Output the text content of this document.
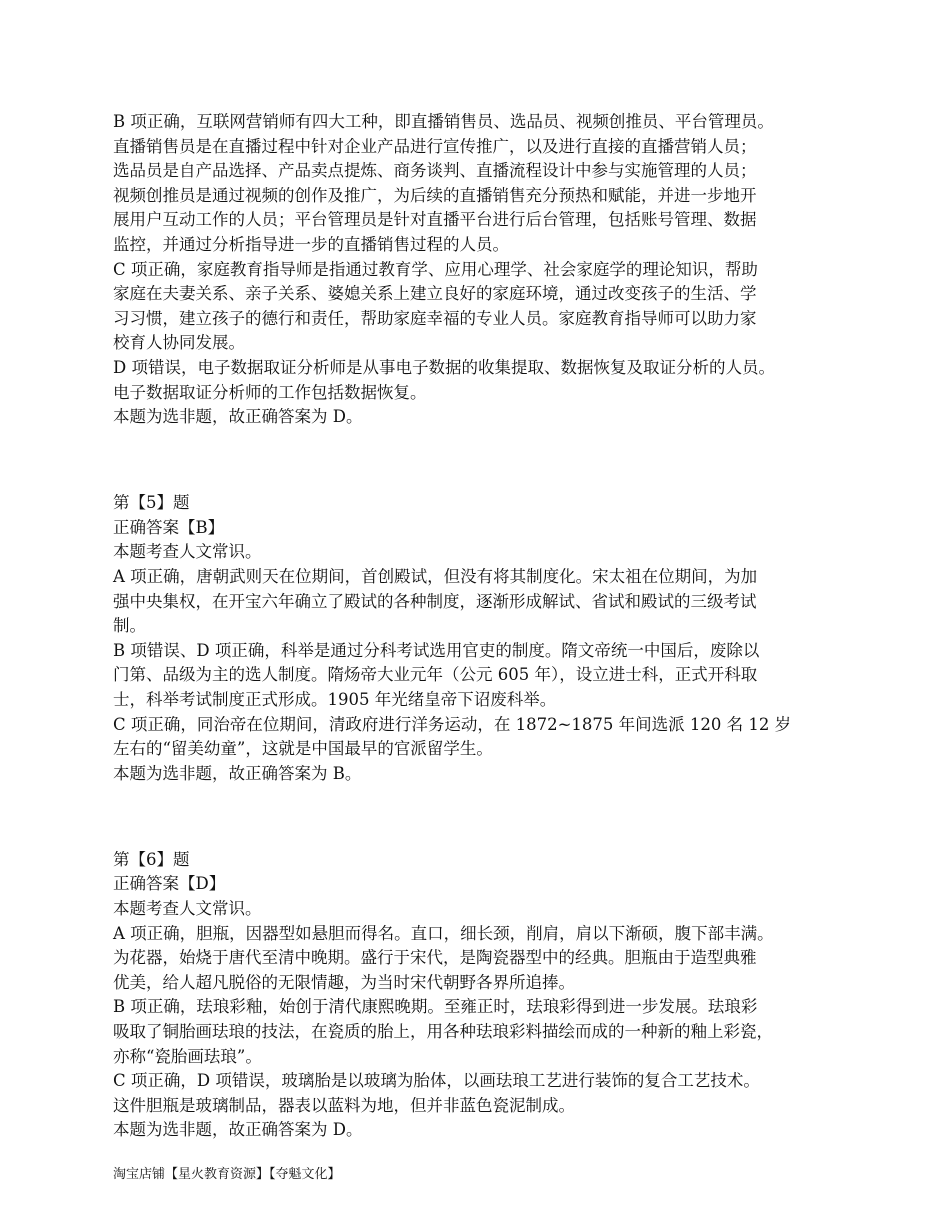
B 项正确，互联网营销师有四大工种，即直播销售员、选品员、视频创推员、平台管理员。
直播销售员是在直播过程中针对企业产品进行宣传推广，以及进行直接的直播营销人员；
选品员是自产品选择、产品卖点提炼、商务谈判、直播流程设计中参与实施管理的人员；
视频创推员是通过视频的创作及推广，为后续的直播销售充分预热和赋能，并进一步地开
展用户互动工作的人员；平台管理员是针对直播平台进行后台管理，包括账号管理、数据
监控，并通过分析指导进一步的直播销售过程的人员。
C 项正确，家庭教育指导师是指通过教育学、应用心理学、社会家庭学的理论知识，帮助
家庭在夫妻关系、亲子关系、婆媳关系上建立良好的家庭环境，通过改变孩子的生活、学
习习惯，建立孩子的德行和责任，帮助家庭幸福的专业人员。家庭教育指导师可以助力家
校育人协同发展。
D 项错误，电子数据取证分析师是从事电子数据的收集提取、数据恢复及取证分析的人员。
电子数据取证分析师的工作包括数据恢复。
本题为选非题，故正确答案为 D。
第【5】题
正确答案【B】
本题考查人文常识。
A 项正确，唐朝武则天在位期间，首创殿试，但没有将其制度化。宋太祖在位期间，为加
强中央集权，在开宝六年确立了殿试的各种制度，逐渐形成解试、省试和殿试的三级考试
制。
B 项错误、D 项正确，科举是通过分科考试选用官吏的制度。隋文帝统一中国后，废除以
门第、品级为主的选人制度。隋炀帝大业元年（公元 605 年），设立进士科，正式开科取
士，科举考试制度正式形成。1905 年光绪皇帝下诏废科举。
C 项正确，同治帝在位期间，清政府进行洋务运动，在 1872~1875 年间选派 120 名 12 岁
左右的“留美幼童”，这就是中国最早的官派留学生。
本题为选非题，故正确答案为 B。
第【6】题
正确答案【D】
本题考查人文常识。
A 项正确，胆瓶，因器型如悬胆而得名。直口，细长颈，削肩，肩以下渐硕，腹下部丰满。
为花器，始烧于唐代至清中晚期。盛行于宋代，是陶瓷器型中的经典。胆瓶由于造型典雅
优美，给人超凡脱俗的无限情趣，为当时宋代朝野各界所追捧。
B 项正确，珐琅彩釉，始创于清代康熙晚期。至雍正时，珐琅彩得到进一步发展。珐琅彩
吸取了铜胎画珐琅的技法，在瓷质的胎上，用各种珐琅彩料描绘而成的一种新的釉上彩瓷，
亦称“瓷胎画珐琅”。
C 项正确，D 项错误，玻璃胎是以玻璃为胎体，以画珐琅工艺进行装饰的复合工艺技术。
这件胆瓶是玻璃制品，器表以蓝料为地，但并非蓝色瓷泥制成。
本题为选非题，故正确答案为 D。
淘宝店铺【星火教育资源】【夺魁文化】
